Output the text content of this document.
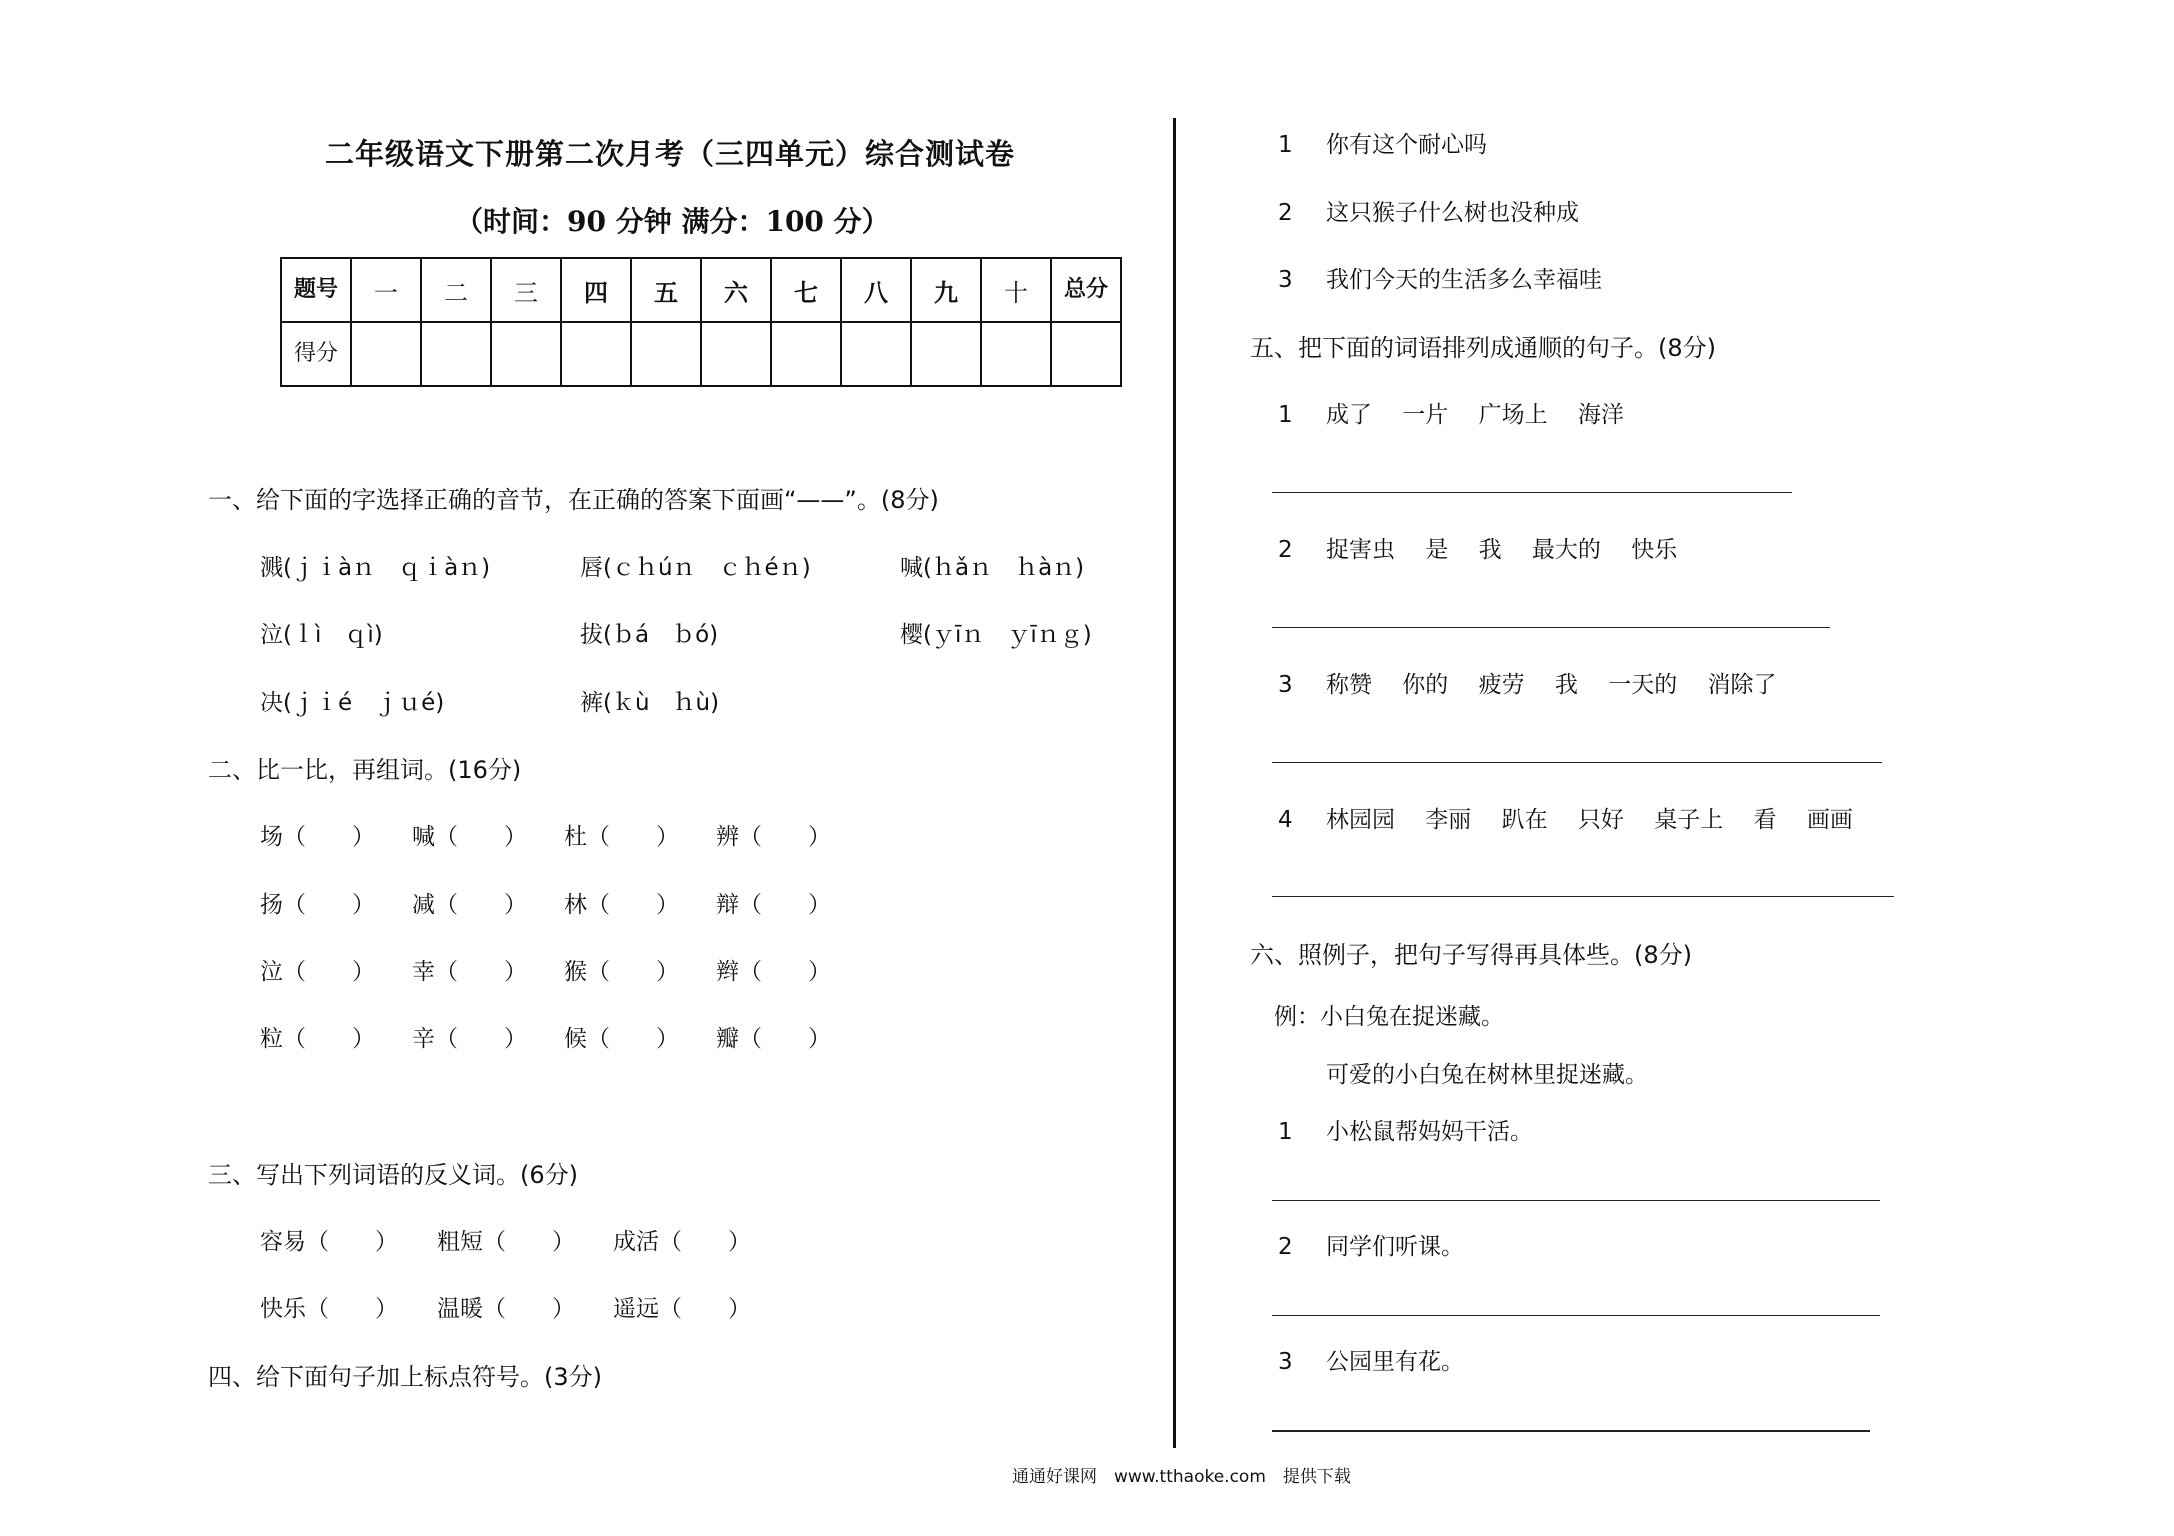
二年级语文下册第二次月考（三四单元）综合测试卷
（时间：90 分钟 满分：100 分）
题号	一	二	三	四	五	六	七	八	九	十	总分
得分											
一、给下面的字选择正确的音节，在正确的答案下面画“——”。(8分)
溅(ｊｉàｎ　ｑｉàｎ)	唇(ｃｈúｎ　ｃｈéｎ)	喊(ｈǎｎ　ｈàｎ)
泣(ｌì　ｑì)	拔(ｂá　ｂó)	樱(ｙīｎ　ｙīｎｇ)
决(ｊｉé　ｊｕé)	裤(ｋù　ｈù)
二、比一比，再组词。(16分)
场（　　） 喊（　　） 杜（　　） 辨（　　）
扬（　　） 减（　　） 林（　　） 辩（　　）
泣（　　） 幸（　　） 猴（　　） 辫（　　）
粒（　　） 辛（　　） 候（　　） 瓣（　　）
三、写出下列词语的反义词。(6分)
容易（　　） 粗短（　　） 成活（　　）
快乐（　　） 温暖（　　） 遥远（　　）
四、给下面句子加上标点符号。(3分)
1 你有这个耐心吗
2 这只猴子什么树也没种成
3 我们今天的生活多么幸福哇
五、把下面的词语排列成通顺的句子。(8分)
1 成了　 一片　 广场上　 海洋
2 捉害虫　 是　 我　 最大的　 快乐
3 称赞　 你的　 疲劳　 我　 一天的　 消除了
4 林园园　 李丽　 趴在　 只好　 桌子上　 看　 画画
六、照例子，把句子写得再具体些。(8分)
例：小白兔在捉迷藏。
可爱的小白兔在树林里捉迷藏。
1 小松鼠帮妈妈干活。
2 同学们听课。
3 公园里有花。
通通好课网　www.tthaoke.com　提供下载
